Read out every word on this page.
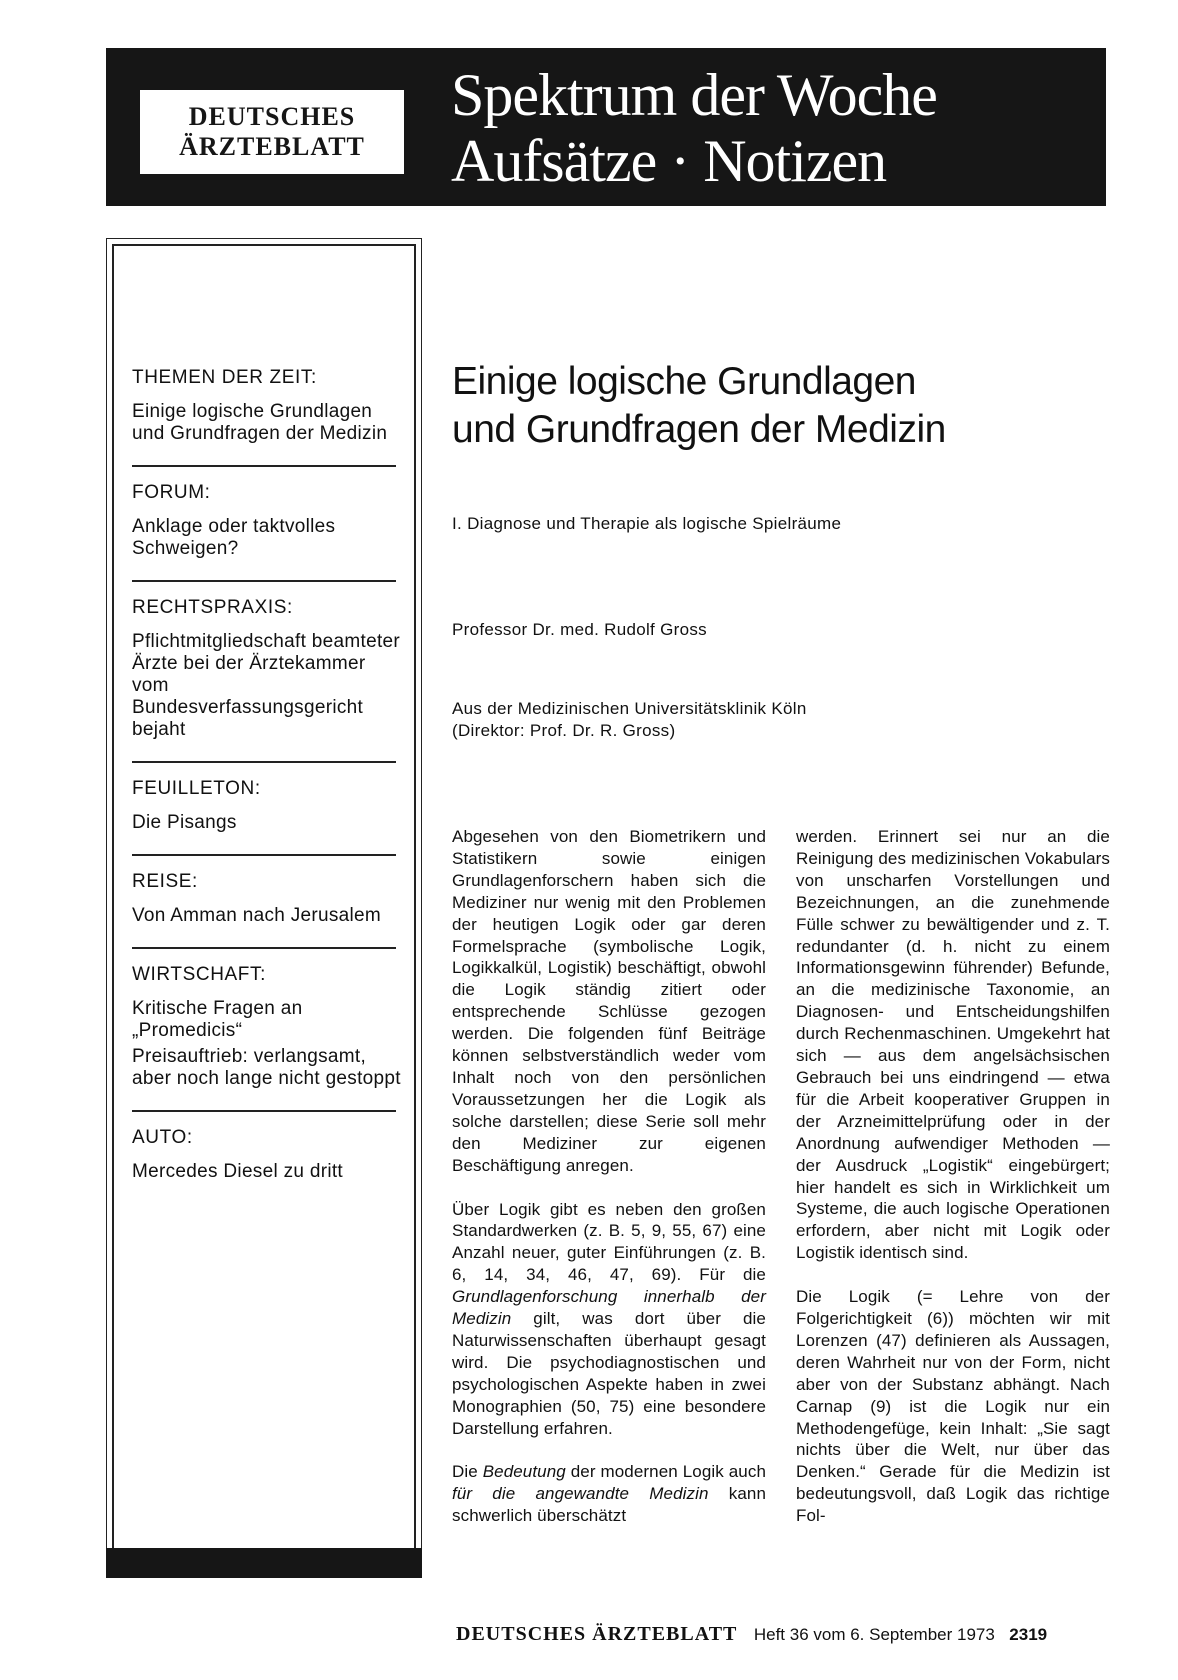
DEUTSCHES
ÄRZTEBLATT
Spektrum der Woche
Aufsätze · Notizen
THEMEN DER ZEIT:
Einige logische Grundlagen und Grundfragen der Medizin
FORUM:
Anklage oder taktvolles Schweigen?
RECHTSPRAXIS:
Pflichtmitgliedschaft beamteter Ärzte bei der Ärztekammer vom Bundesverfassungsgericht bejaht
FEUILLETON:
Die Pisangs
REISE:
Von Amman nach Jerusalem
WIRTSCHAFT:
Kritische Fragen an „Promedicis“
Preisauftrieb: verlangsamt, aber noch lange nicht gestoppt
AUTO:
Mercedes Diesel zu dritt
Einige logische Grundlagen
und Grundfragen der Medizin
I. Diagnose und Therapie als logische Spielräume
Professor Dr. med. Rudolf Gross
Aus der Medizinischen Universitätsklinik Köln
(Direktor: Prof. Dr. R. Gross)

Abgesehen von den Biometrikern und Statistikern sowie einigen Grundlagenforschern haben sich die Mediziner nur wenig mit den Problemen der heutigen Logik oder gar deren Formelsprache (symbolische Logik, Logikkalkül, Logistik) beschäftigt, obwohl die Logik ständig zitiert oder entsprechende Schlüsse gezogen werden. Die folgenden fünf Beiträge können selbstverständlich weder vom Inhalt noch von den persönlichen Voraussetzungen her die Logik als solche darstellen; diese Serie soll mehr den Mediziner zur eigenen Beschäftigung anregen.

Über Logik gibt es neben den großen Standardwerken (z. B. 5, 9, 55, 67) eine Anzahl neuer, guter Einführungen (z. B. 6, 14, 34, 46, 47, 69). Für die Grundlagenforschung innerhalb der Medizin gilt, was dort über die Naturwissenschaften überhaupt gesagt wird. Die psychodiagnostischen und psychologischen Aspekte haben in zwei Monographien (50, 75) eine besondere Darstellung erfahren.

Die Bedeutung der modernen Logik auch für die angewandte Medizin kann schwerlich überschätzt

werden. Erinnert sei nur an die Reinigung des medizinischen Vokabulars von unscharfen Vorstellungen und Bezeichnungen, an die zunehmende Fülle schwer zu bewältigender und z. T. redundanter (d. h. nicht zu einem Informationsgewinn führender) Befunde, an die medizinische Taxonomie, an Diagnosen- und Entscheidungshilfen durch Rechenmaschinen. Umgekehrt hat sich — aus dem angelsächsischen Gebrauch bei uns eindringend — etwa für die Arbeit kooperativer Gruppen in der Arzneimittelprüfung oder in der Anordnung aufwendiger Methoden — der Ausdruck „Logistik“ eingebürgert; hier handelt es sich in Wirklichkeit um Systeme, die auch logische Operationen erfordern, aber nicht mit Logik oder Logistik identisch sind.

Die Logik (= Lehre von der Folgerichtigkeit (6)) möchten wir mit Lorenzen (47) definieren als Aussagen, deren Wahrheit nur von der Form, nicht aber von der Substanz abhängt. Nach Carnap (9) ist die Logik nur ein Methodengefüge, kein Inhalt: „Sie sagt nichts über die Welt, nur über das Denken.“ Gerade für die Medizin ist bedeutungsvoll, daß Logik das richtige Fol-

DEUTSCHES ÄRZTEBLATT Heft 36 vom 6. September 1973 2319
